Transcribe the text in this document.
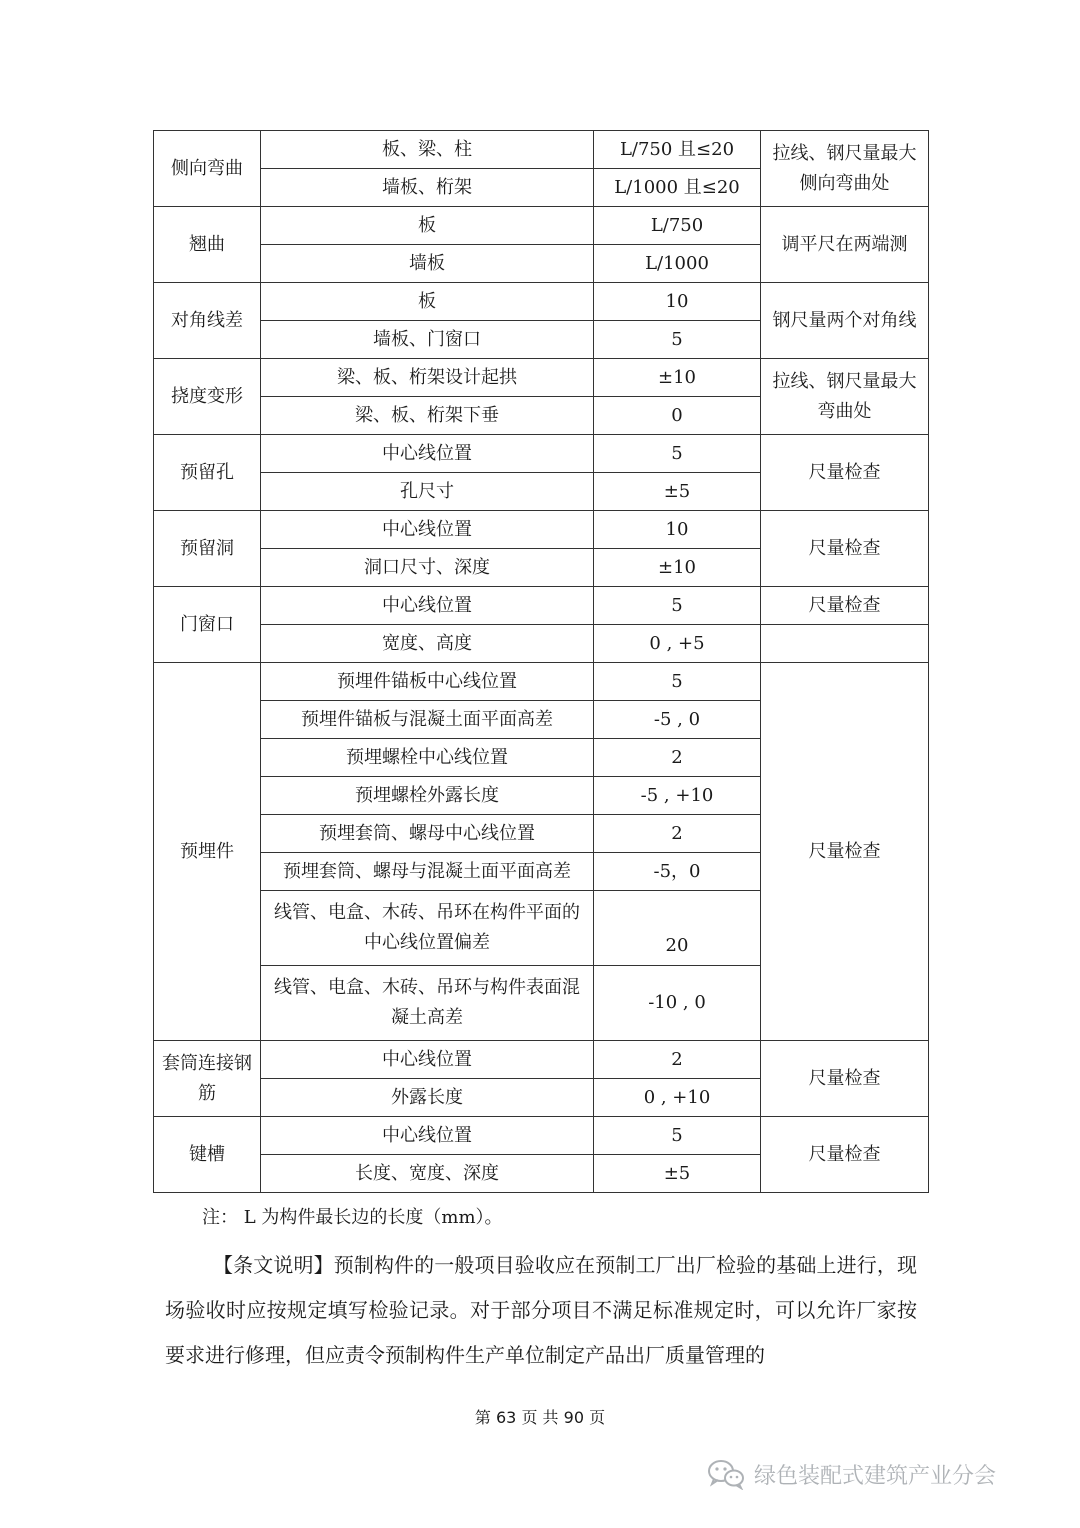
侧向弯曲	板、梁、柱	L/750 且≤20	拉线、钢尺量最大侧向弯曲处
	墙板、桁架	L/1000 且≤20	
翘曲	板	L/750	调平尺在两端测
	墙板	L/1000	
对角线差	板	10	钢尺量两个对角线
	墙板、门窗口	5	
挠度变形	梁、板、桁架设计起拱	±10	拉线、钢尺量最大弯曲处
	梁、板、桁架下垂	0	
预留孔	中心线位置	5	尺量检查
	孔尺寸	±5	
预留洞	中心线位置	10	尺量检查
	洞口尺寸、深度	±10	
门窗口	中心线位置	5	尺量检查
	宽度、高度	0 , +5	
预埋件	预埋件锚板中心线位置	5	尺量检查
	预埋件锚板与混凝土面平面高差	-5 , 0	
	预埋螺栓中心线位置	2	
	预埋螺栓外露长度	-5 , +10	
	预埋套筒、螺母中心线位置	2	
	预埋套筒、螺母与混凝土面平面高差	-5，0	
	线管、电盒、木砖、吊环在构件平面的中心线位置偏差	20	
	线管、电盒、木砖、吊环与构件表面混凝土高差	-10 , 0	
套筒连接钢筋	中心线位置	2	尺量检查
	外露长度	0 , +10	
键槽	中心线位置	5	尺量检查
	长度、宽度、深度	±5	
注： L 为构件最长边的长度（mm）。
【条文说明】预制构件的一般项目验收应在预制工厂出厂检验的基础上进行，现场验收时应按规定填写检验记录。对于部分项目不满足标准规定时，可以允许厂家按要求进行修理，但应责令预制构件生产单位制定产品出厂质量管理的
第 63 页 共 90 页
绿色装配式建筑产业分会
